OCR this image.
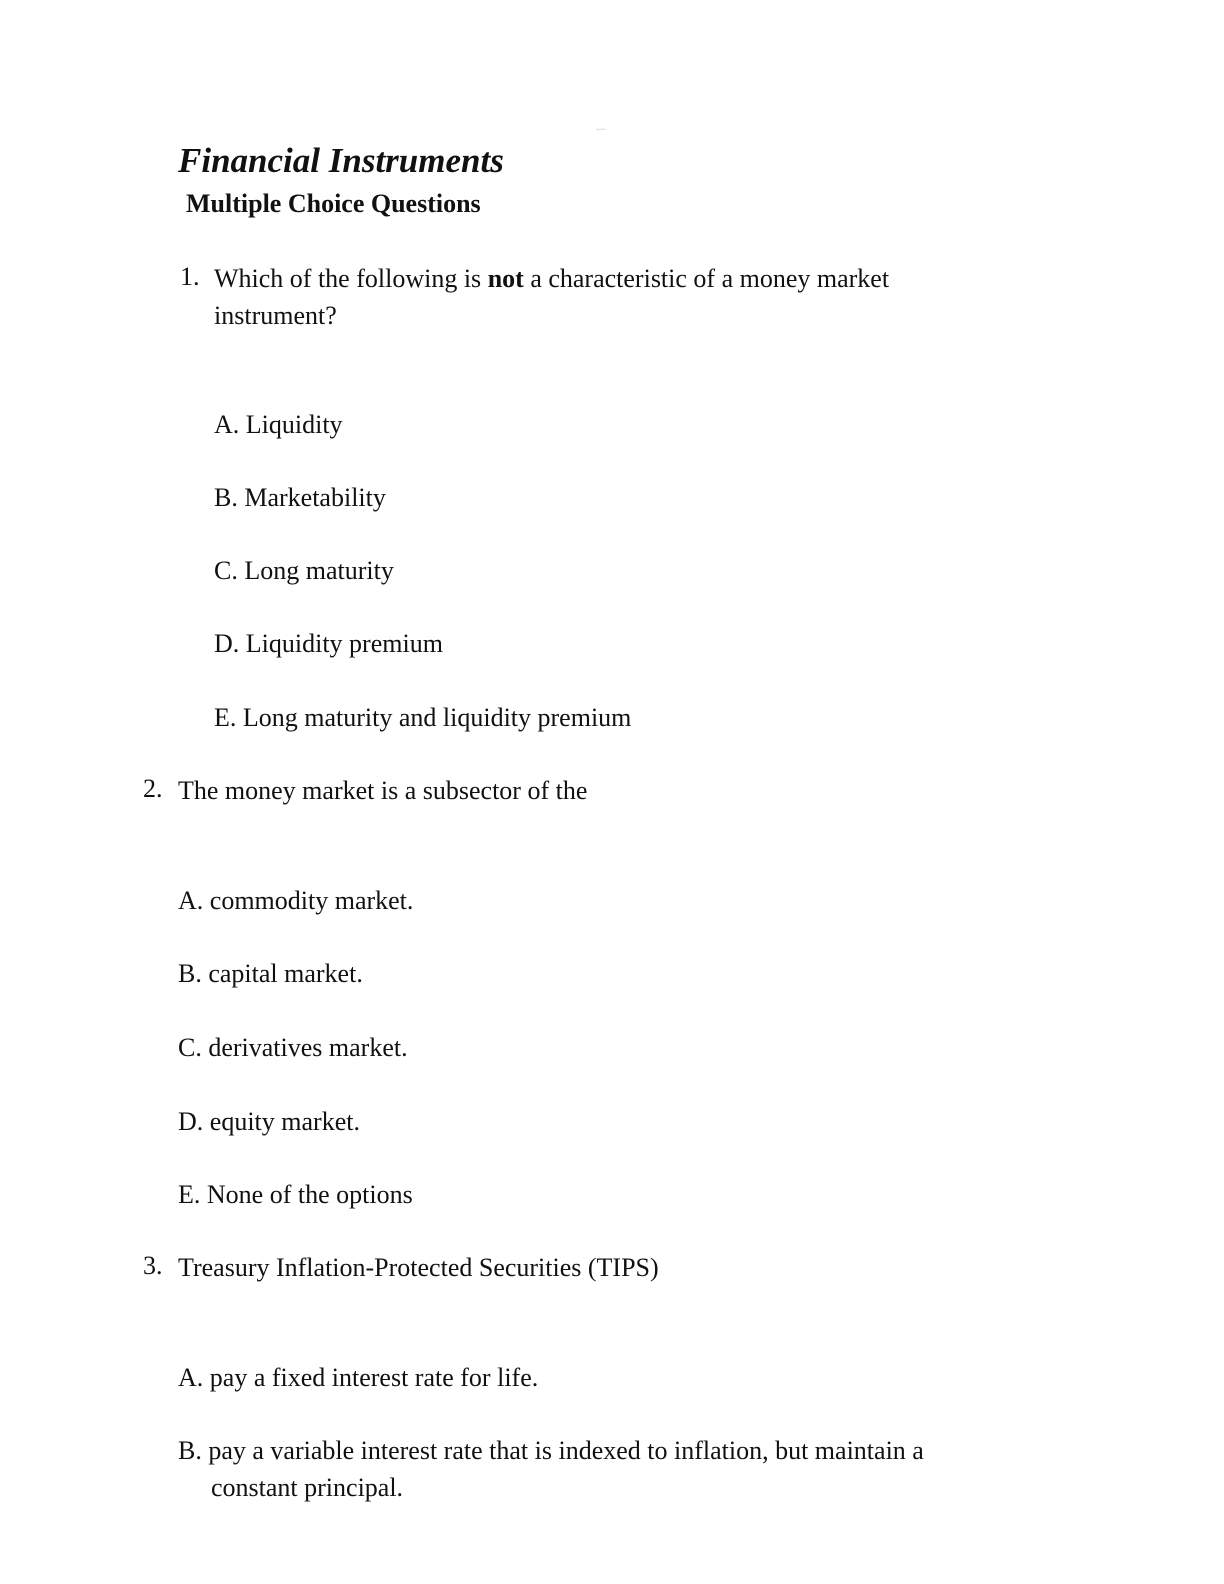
·····
Financial Instruments
Multiple Choice Questions
1. Which of the following is not a characteristic of a money market instrument?

A. Liquidity
B. Marketability
C. Long maturity
D. Liquidity premium
E. Long maturity and liquidity premium
2. The money market is a subsector of the

A. commodity market.
B. capital market.
C. derivatives market.
D. equity market.
E. None of the options
3. Treasury Inflation-Protected Securities (TIPS)

A. pay a fixed interest rate for life.
B. pay a variable interest rate that is indexed to inflation, but maintain a constant principal.
